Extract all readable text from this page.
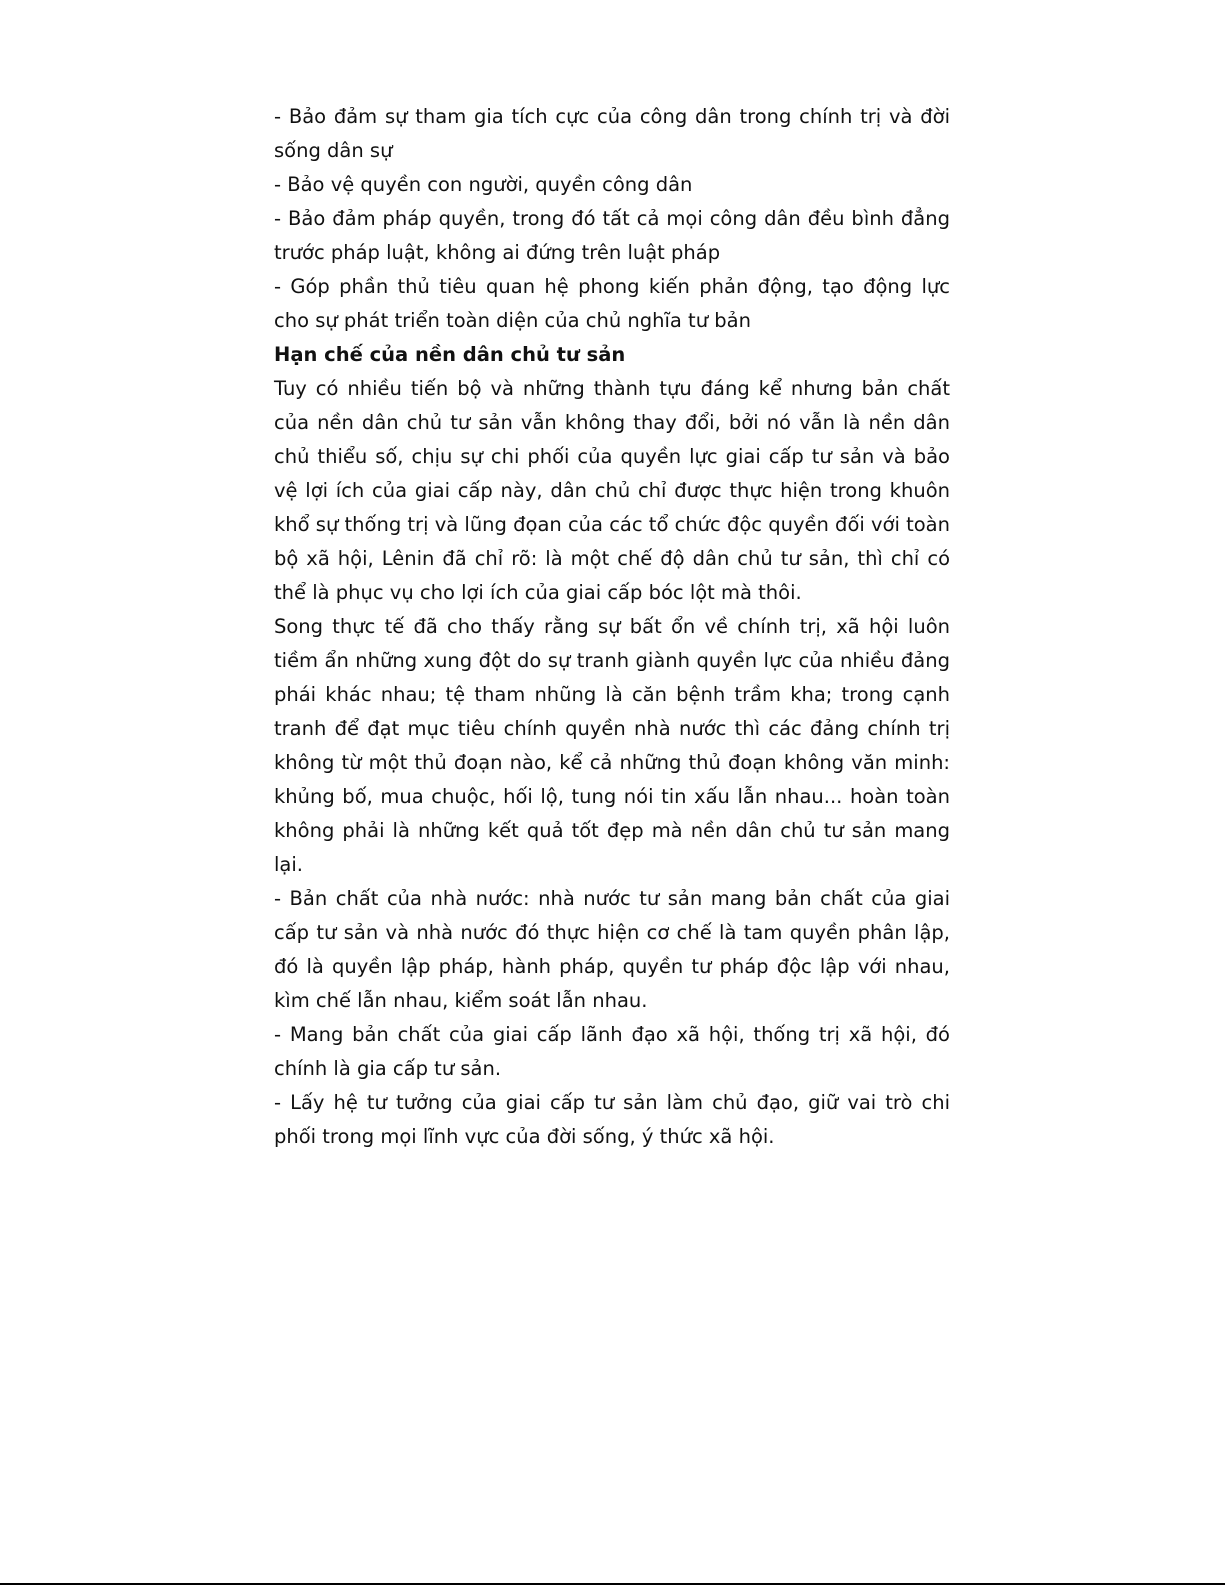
- Bảo đảm sự tham gia tích cực của công dân trong chính trị và đời sống dân sự

- Bảo vệ quyền con người, quyền công dân

- Bảo đảm pháp quyền, trong đó tất cả mọi công dân đều bình đẳng trước pháp luật, không ai đứng trên luật pháp

- Góp phần thủ tiêu quan hệ phong kiến phản động, tạo động lực cho sự phát triển toàn diện của chủ nghĩa tư bản

Hạn chế của nền dân chủ tư sản

Tuy có nhiều tiến bộ và những thành tựu đáng kể nhưng bản chất của nền dân chủ tư sản vẫn không thay đổi, bởi nó vẫn là nền dân chủ thiểu số, chịu sự chi phối của quyền lực giai cấp tư sản và bảo vệ lợi ích của giai cấp này, dân chủ chỉ được thực hiện trong khuôn khổ sự thống trị và lũng đọan của các tổ chức độc quyền đối với toàn bộ xã hội, Lênin đã chỉ rõ: là một chế độ dân chủ tư sản, thì chỉ có thể là phục vụ cho lợi ích của giai cấp bóc lột mà thôi.

Song thực tế đã cho thấy rằng sự bất ổn về chính trị, xã hội luôn tiềm ẩn những xung đột do sự tranh giành quyền lực của nhiều đảng phái khác nhau; tệ tham nhũng là căn bệnh trầm kha; trong cạnh tranh để đạt mục tiêu chính quyền nhà nước thì các đảng chính trị không từ một thủ đoạn nào, kể cả những thủ đoạn không văn minh: khủng bố, mua chuộc, hối lộ, tung nói tin xấu lẫn nhau... hoàn toàn không phải là những kết quả tốt đẹp mà nền dân chủ tư sản mang lại.

- Bản chất của nhà nước: nhà nước tư sản mang bản chất của giai cấp tư sản và nhà nước đó thực hiện cơ chế là tam quyền phân lập, đó là quyền lập pháp, hành pháp, quyền tư pháp độc lập với nhau, kìm chế lẫn nhau, kiểm soát lẫn nhau.

- Mang bản chất của giai cấp lãnh đạo xã hội, thống trị xã hội, đó chính là gia cấp tư sản.

- Lấy hệ tư tưởng của giai cấp tư sản làm chủ đạo, giữ vai trò chi phối trong mọi lĩnh vực của đời sống, ý thức xã hội.
